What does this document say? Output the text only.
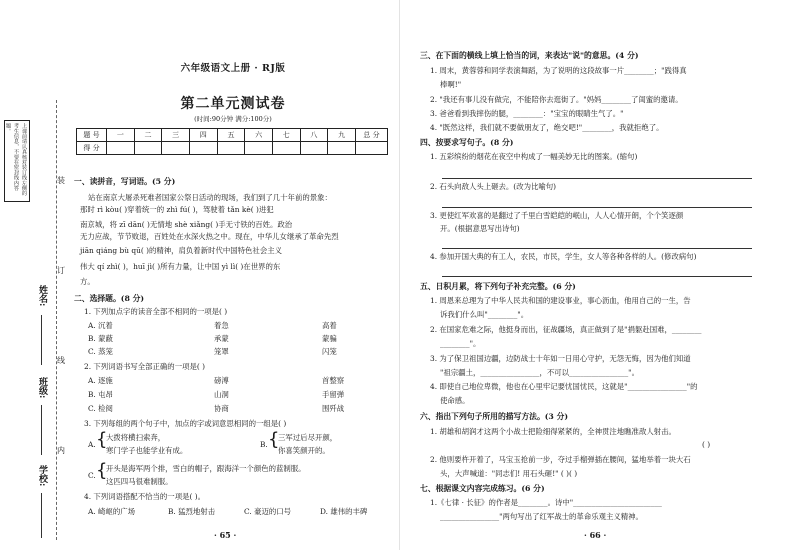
上课前请认真核对装订线左侧的考生信息，不要在密封线内答题。
装
订
线
内
姓名:
班级:
学校:
六年级语文上册 · RJ版
第二单元测试卷
(时间:90分钟 满分:100分)
题 号	一	二	三	四	五	六	七	八	九	总 分
得 分										
一、读拼音，写词语。(5 分)
站在南京大屠杀死难者国家公祭日活动的现场，我们到了几十年前的景象：
那时 rì kòu( )穿着统一的 zhì fú( )，驾驶着 tǎn kè( )进犯
南京城，将 zī dān( )无情地 shè xiǎng( )手无寸铁的百姓。政治
无力应战，节节败退，百姓处在水深火热之中。现在，中华儿女继承了革命先烈
jiān qiáng bù qū( )的精神，肩负着新时代中国特色社会主义
伟大 qí zhì( )，huī jì( )所有力量，让中国 yì lì( )在世界的东
方。
二、选择题。(8 分)
1. 下列加点字的读音全部不相同的一项是( )
A. 沉着	着急	高着
B. 蒙蔽	承蒙	蒙骗
C. 蒸笼	笼罩	闪笼
2. 下列词语书写全部正确的一项是( )
A. 逐施	磅溥	首整察
B. 屯昂	山洞	手留弹
C. 检阅	协商	围歼战
3. 下列每组的两个句子中，加点的字或词意思相同的一组是( )
A. {
大拨将横扫索奔，
寒门学子也能学业有成。
B. {
三军过后尽开颜，
你喜笑颜开的。
C. {
开头是海军两个排，雪白的帽子，跟海洋一个颜色的蓝制服。
这匹四马很难制服。
4. 下列词语搭配不恰当的一项是( )。
A. 崎岖的广场	B. 猛烈地射击	C. 豪迈的口号	D. 雄伟的丰碑
· 65 ·
三、在下面的横线上填上恰当的词，来表达"说"的意思。(4 分)
1. 周末，黄蓉蓉和同学表演舞蹈，为了说明的这段故事一片________；"践得真
棒啊!"
2. "我还有事儿没有做完，不能陪你去逛街了。"妈妈________了闺蜜的邀请。
3. 爸爸看到我摔伤的腿，________："宝宝的眼睛生气了。"
4. "既然这样，我们就不要做朋友了，绝交吧!"________，我就拒绝了。
四、按要求写句子。(8 分)
1. 五彩缤纷的烟花在夜空中构成了一幅美妙无比的图案。(缩句)
2. 石头向敌人头上砸去。(改为比喻句)
3. 更使红军欢喜的是翻过了千里白雪皑皑的岷山，人人心情开朗，个个笑逐颜
开。(根据意思写出诗句)
4. 参加开国大典的有工人，农民，市民，学生，女人等各种各样的人。(修改病句)
五、日积月累，将下列句子补充完整。(6 分)
1. 周恩来总理为了中华人民共和国的建设事业，事心沥血，他用自己的一生，告
诉我们什么叫"________"。
2. 在国家危难之际，他挺身而出，征战疆场，真正做到了是"捐躯赴国难，________
________"。
3. 为了保卫祖国边疆，边防战士十年如一日用心守护，无怨无悔，因为他们知道
"祖宗疆土，________________，不可以________________"。
4. 即使自己地位卑微，他也在心里牢记要忧国忧民，这就是"________________"的
使命感。
六、指出下列句子所用的描写方法。(3 分)
1. 胡雄和胡润才这两个小战士把险细得紧紧的，全神贯注地瞧准敌人射击。
( )
2. 他则要杵开着了，马宝玉抢前一步，夺过手榴弹插在腰间，猛地举着一块大石
头，大声喊道："同志们! 用石头砸!" ( )( )
七、根据课文内容完成练习。(6 分)
1.《七律 · 长征》的作者是________。诗中"________________________
________________"两句写出了红军战士的革命乐观主义精神。
· 66 ·
